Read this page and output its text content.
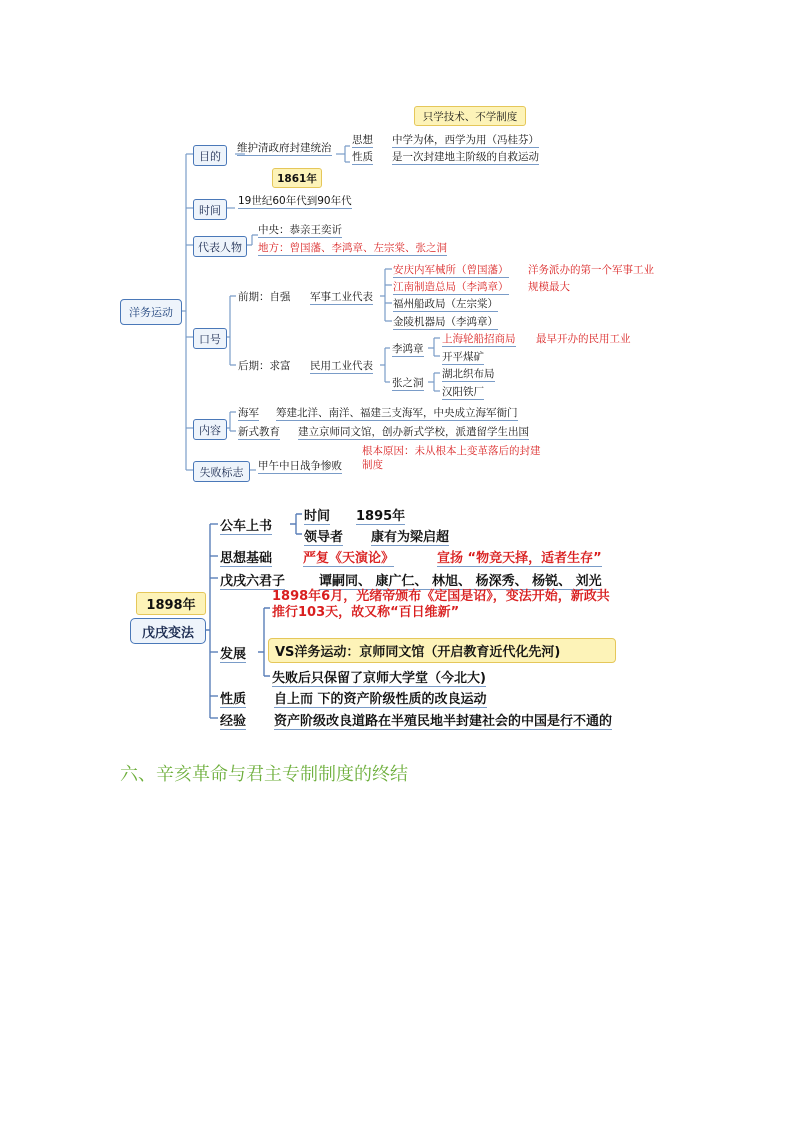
洋务运动
目的
只学技术、不学制度
维护清政府封建统治
思想 中学为体，西学为用（冯桂芬）
性质 是一次封建地主阶级的自救运动
时间
1861年
19世纪60年代到90年代
代表人物
中央：恭亲王奕䜣
地方：曾国藩、李鸿章、左宗棠、张之洞
口号
前期：自强 军事工业代表
安庆内军械所（曾国藩）
江南制造总局（李鸿章）
福州船政局（左宗棠）
金陵机器局（李鸿章）
洋务派办的第一个军事工业
规模最大
后期：求富 民用工业代表
李鸿章
上海轮船招商局
开平煤矿
最早开办的民用工业
张之洞
湖北织布局
汉阳铁厂
内容
海军 筹建北洋、南洋、福建三支海军，中央成立海军衙门
新式教育 建立京师同文馆，创办新式学校，派遣留学生出国
失败标志	甲午中日战争惨败
根本原因：未从根本上变革落后的封建制度
1898年
戊戌变法
公车上书
时间 1895年
领导者 康有为梁启超
思想基础 严复《天演论》	宣扬 “物竞天择，适者生存”
戊戌六君子	谭嗣同、 康广仁、 林旭、 杨深秀、 杨锐、 刘光
发展
1898年6月，光绪帝颁布《定国是诏》，变法开始，新政共推行103天，故又称“百日维新”
VS洋务运动：京师同文馆（开启教育近代化先河)
失败后只保留了京师大学堂（今北大)
性质 自上而 下的资产阶级性质的改良运动
经验 资产阶级改良道路在半殖民地半封建社会的中国是行不通的
六、辛亥革命与君主专制制度的终结
